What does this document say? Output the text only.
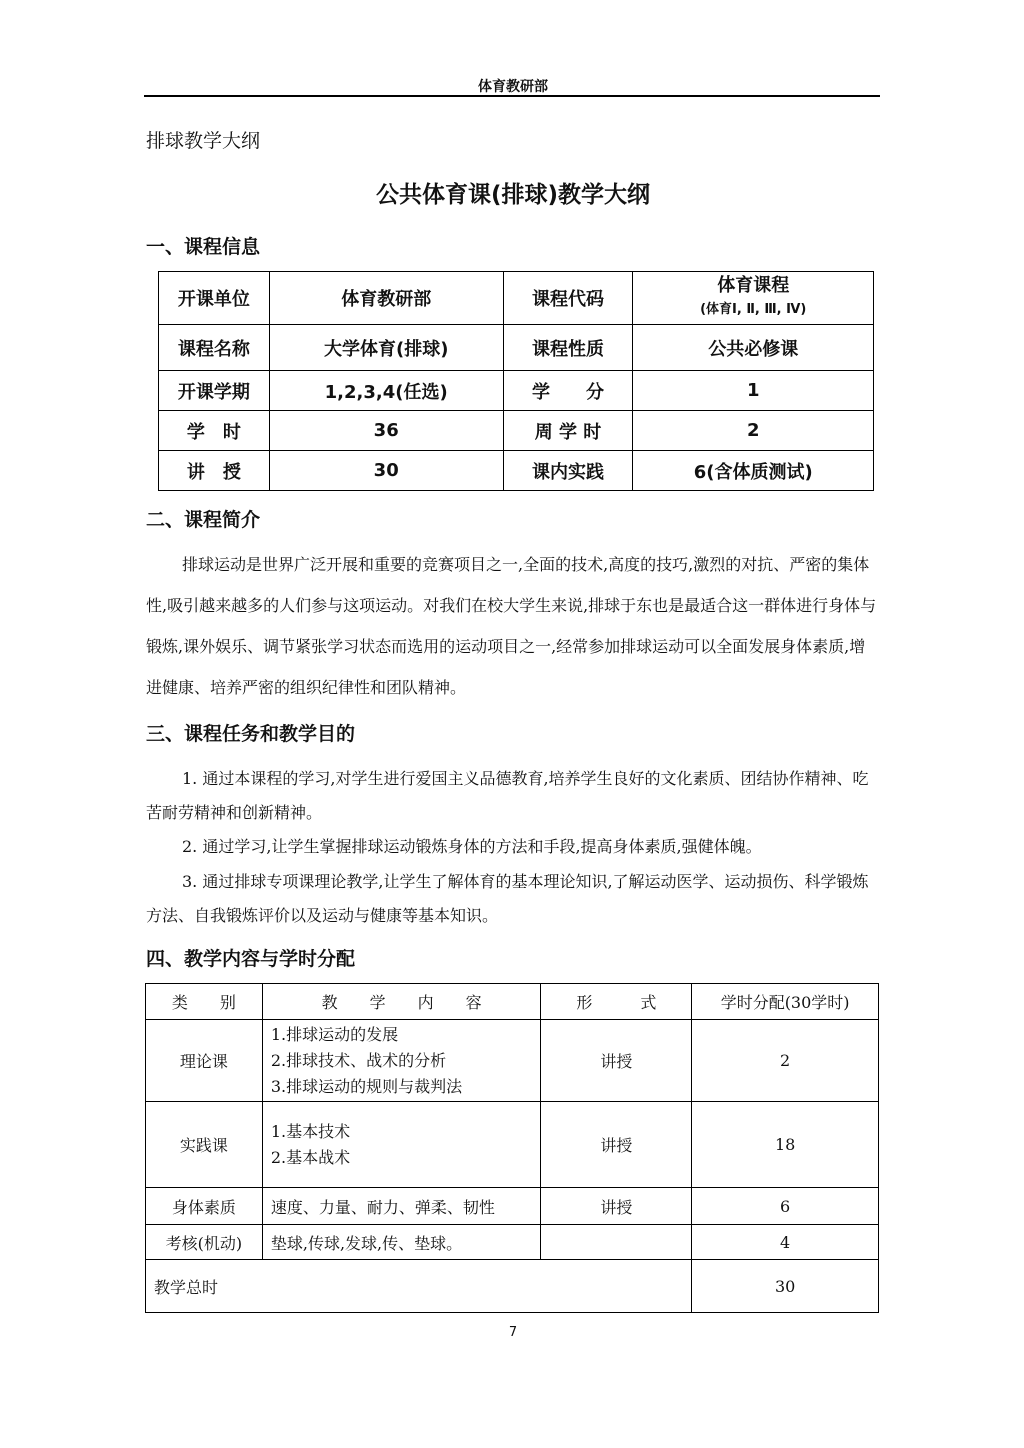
体育教研部
排球教学大纲
公共体育课(排球)教学大纲
一、课程信息
开课单位	体育教研部	课程代码	体育课程
(体育Ⅰ, Ⅱ, Ⅲ, Ⅳ)

课程名称	大学体育(排球)	课程性质	公共必修课
开课学期	1,2,3,4(任选)	学　　分	1
学　时	36	周 学 时	2
讲　授	30	课内实践	6(含体质测试)
二、课程简介

排球运动是世界广泛开展和重要的竞赛项目之一,全面的技术,高度的技巧,激烈的对抗、严密的集体性,吸引越来越多的人们参与这项运动。对我们在校大学生来说,排球于东也是最适合这一群体进行身体与锻炼,课外娱乐、调节紧张学习状态而选用的运动项目之一,经常参加排球运动可以全面发展身体素质,增进健康、培养严密的组织纪律性和团队精神。

三、课程任务和教学目的

1. 通过本课程的学习,对学生进行爱国主义品德教育,培养学生良好的文化素质、团结协作精神、吃苦耐劳精神和创新精神。

2. 通过学习,让学生掌握排球运动锻炼身体的方法和手段,提高身体素质,强健体魄。

3. 通过排球专项课理论教学,让学生了解体育的基本理论知识,了解运动医学、运动损伤、科学锻炼方法、自我锻炼评价以及运动与健康等基本知识。

四、教学内容与学时分配
类　　别	教　　学　　内　　容	形　　　式	学时分配(30学时)
理论课	1.排球运动的发展
2.排球技术、战术的分析
3.排球运动的规则与裁判法	讲授	2
实践课	1.基本技术
2.基本战术	讲授	18
身体素质	速度、力量、耐力、弹柔、韧性	讲授	6
考核(机动)	垫球,传球,发球,传、垫球。		4
教学总时			30
7
